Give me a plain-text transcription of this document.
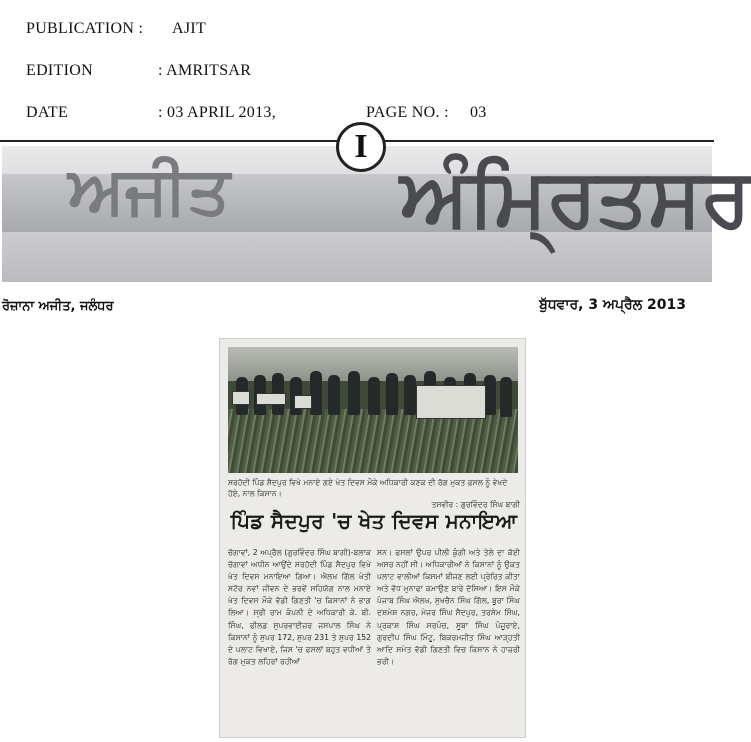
PUBLICATION : AJIT
EDITION	: AMRITSAR
DATE	: 03 APRIL 2013,	PAGE NO. : 03
ਅਜੀਤ ਅੰਮ੍ਰਿਤਸਰ
I
ਰੋਜ਼ਾਨਾ ਅਜੀਤ, ਜਲੰਧਰ	ਬੁੱਧਵਾਰ, 3 ਅਪ੍ਰੈਲ 2013
ਸਰਹੱਦੀ ਪਿੰਡ ਸੈਦਪੁਰ ਵਿਖੇ ਮਨਾਏ ਗਏ ਖੇਤ ਦਿਵਸ ਮੌਕੇ ਅਧਿਕਾਰੀ ਕਣਕ ਦੀ ਰੋਗ ਮੁਕਤ ਫ਼ਸਲ ਨੂੰ ਵੇਖਦੇ ਹੋਏ, ਨਾਲ ਕਿਸਾਨ।
ਤਸਵੀਰ : ਗੁਰਵਿੰਦਰ ਸਿੰਘ ਬਾਗੀ
ਪਿੰਡ ਸੈਦਪੁਰ 'ਚ ਖੇਤ ਦਿਵਸ ਮਨਾਇਆ
ਚੋਗਾਵਾਂ, 2 ਅਪ੍ਰੈਲ (ਗੁਰਵਿੰਦਰ ਸਿੰਘ ਬਾਗੀ)-ਬਲਾਕ ਚੋਗਾਵਾਂ ਅਧੀਨ ਆਉਂਦੇ ਸਰਹੱਦੀ ਪਿੰਡ ਸੈਦਪੁਰ ਵਿਖੇ ਖੇਤ ਦਿਵਸ ਮਨਾਇਆ ਗਿਆ। ਐਲਖ ਗਿੱਲ ਖੇਤੀ ਸਟੋਰ ਨਵਾਂ ਜੀਵਨ ਦੇ ਭਰਵੇਂ ਸਹਿਯੋਗ ਨਾਲ ਮਨਾਏ ਖੇਤ ਦਿਵਸ ਮੌਕੇ ਵੱਡੀ ਗਿਣਤੀ 'ਚ ਕਿਸਾਨਾਂ ਨੇ ਭਾਗ ਲਿਆ। ਸ੍ਰੀ ਰਾਮ ਕੰਪਨੀ ਦੇ ਅਧਿਕਾਰੀ ਕੇ. ਬੀ. ਸਿੰਘ, ਫੀਲਡ ਸੁਪਰਵਾਈਜ਼ਰ ਜਸਪਾਲ ਸਿੰਘ ਨੇ ਕਿਸਾਨਾਂ ਨੂੰ ਸੁਪਰ 172, ਸੁਪਰ 231 ਤੇ ਸੁਪਰ 152 ਦੇ ਪਲਾਟ ਵਿਖਾਏ, ਜਿਸ 'ਚ ਫਸਲਾਂ ਬਹੁਤ ਵਧੀਆਂ ਤੇ ਰੋਗ ਮੁਕਤ ਲਹਿਰਾਂ ਰਹੀਆਂ
ਸਨ। ਫਸਲਾਂ ਉਪਰ ਪੀਲੀ ਕੁੰਗੀ ਅਤੇ ਤੇਲੇ ਦਾ ਕੋਈ ਅਸਰ ਨਹੀਂ ਸੀ। ਅਧਿਕਾਰੀਆਂ ਨੇ ਕਿਸਾਨਾਂ ਨੂੰ ਉਕਤ ਪਲਾਟ ਵਾਲੀਆਂ ਕਿਸਮਾਂ ਬੀਜਣ ਲਈ ਪ੍ਰੇਰਿਤ ਕੀਤਾ ਅਤੇ ਵੱਧ ਮੁਨਾਫਾ ਕਮਾਉਣ ਬਾਰੇ ਦੱਸਿਆ। ਇਸ ਮੌਕੇ ਪੰਜਾਬ ਸਿੰਘ ਐਲਖ, ਸੁਖਚੈਨ ਸਿੰਘ ਗਿੱਲ, ਬੂਰਾ ਸਿੰਘ ਦਸ਼ਮੇਸ਼ ਨਗਰ, ਮੇਜਰ ਸਿੰਘ ਸੈਦਪੁਰ, ਤਰਸੇਮ ਸਿੰਘ, ਪ੍ਰਕਾਸ਼ ਸਿੰਘ ਸਰਪੰਚ, ਸੂਬਾ ਸਿੰਘ ਪੰਜੂਰਾਏ, ਗੁਰਦੀਪ ਸਿੰਘ ਮਿੰਟੂ, ਬਿਕਰਮਜੀਤ ਸਿੰਘ ਆੜ੍ਹਤੀ ਆਦਿ ਸਮੇਤ ਵੱਡੀ ਗਿਣਤੀ ਵਿਚ ਕਿਸਾਨ ਨੇ ਹਾਜ਼ਰੀ ਭਰੀ।
